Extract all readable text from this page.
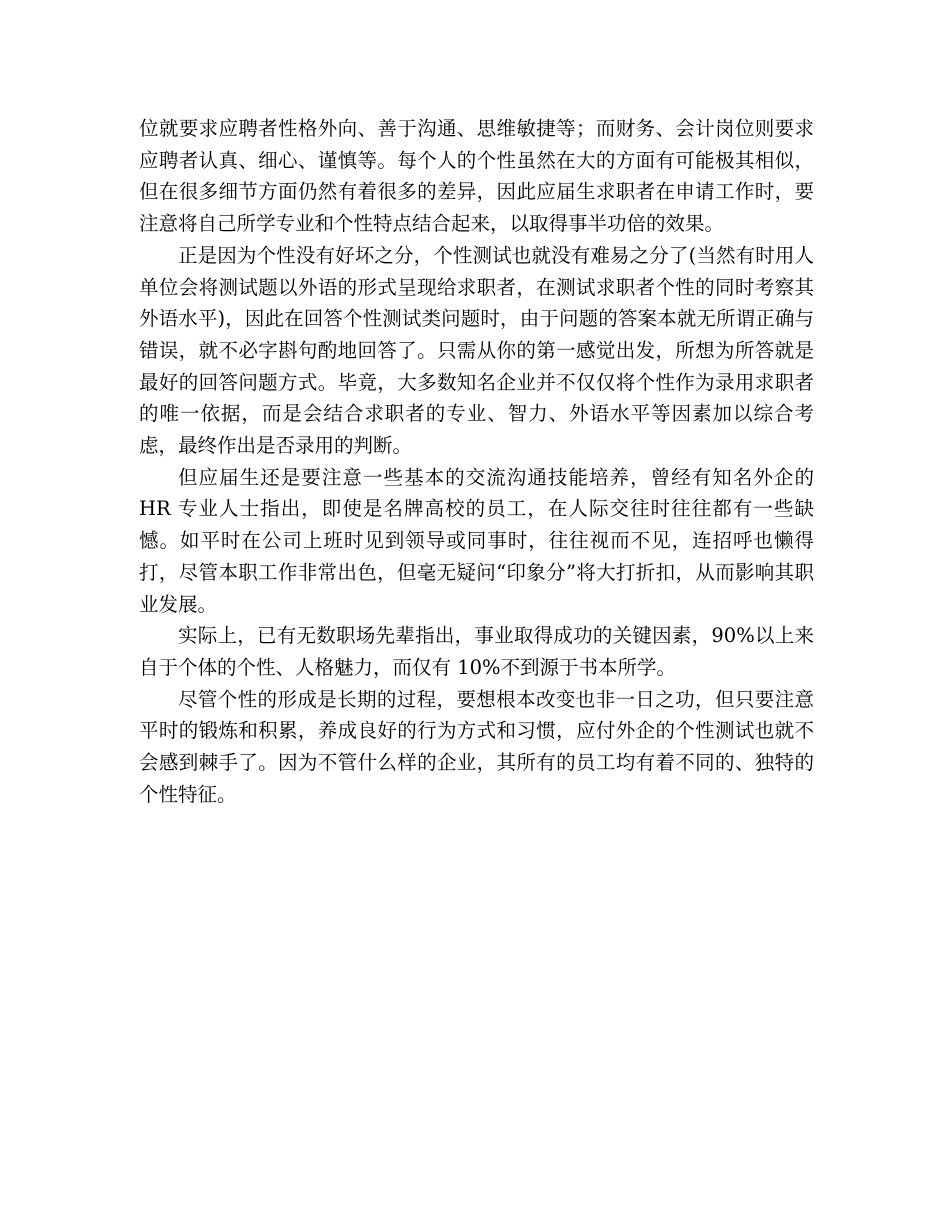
位就要求应聘者性格外向、善于沟通、思维敏捷等；而财务、会计岗位则要求应聘者认真、细心、谨慎等。每个人的个性虽然在大的方面有可能极其相似，但在很多细节方面仍然有着很多的差异，因此应届生求职者在申请工作时，要注意将自己所学专业和个性特点结合起来，以取得事半功倍的效果。

正是因为个性没有好坏之分，个性测试也就没有难易之分了(当然有时用人单位会将测试题以外语的形式呈现给求职者，在测试求职者个性的同时考察其外语水平)，因此在回答个性测试类问题时，由于问题的答案本就无所谓正确与错误，就不必字斟句酌地回答了。只需从你的第一感觉出发，所想为所答就是最好的回答问题方式。毕竟，大多数知名企业并不仅仅将个性作为录用求职者的唯一依据，而是会结合求职者的专业、智力、外语水平等因素加以综合考虑，最终作出是否录用的判断。

但应届生还是要注意一些基本的交流沟通技能培养，曾经有知名外企的 HR 专业人士指出，即使是名牌高校的员工，在人际交往时往往都有一些缺憾。如平时在公司上班时见到领导或同事时，往往视而不见，连招呼也懒得打，尽管本职工作非常出色，但毫无疑问“印象分”将大打折扣，从而影响其职业发展。

实际上，已有无数职场先辈指出，事业取得成功的关键因素，90%以上来自于个体的个性、人格魅力，而仅有 10%不到源于书本所学。

尽管个性的形成是长期的过程，要想根本改变也非一日之功，但只要注意平时的锻炼和积累，养成良好的行为方式和习惯，应付外企的个性测试也就不会感到棘手了。因为不管什么样的企业，其所有的员工均有着不同的、独特的个性特征。
